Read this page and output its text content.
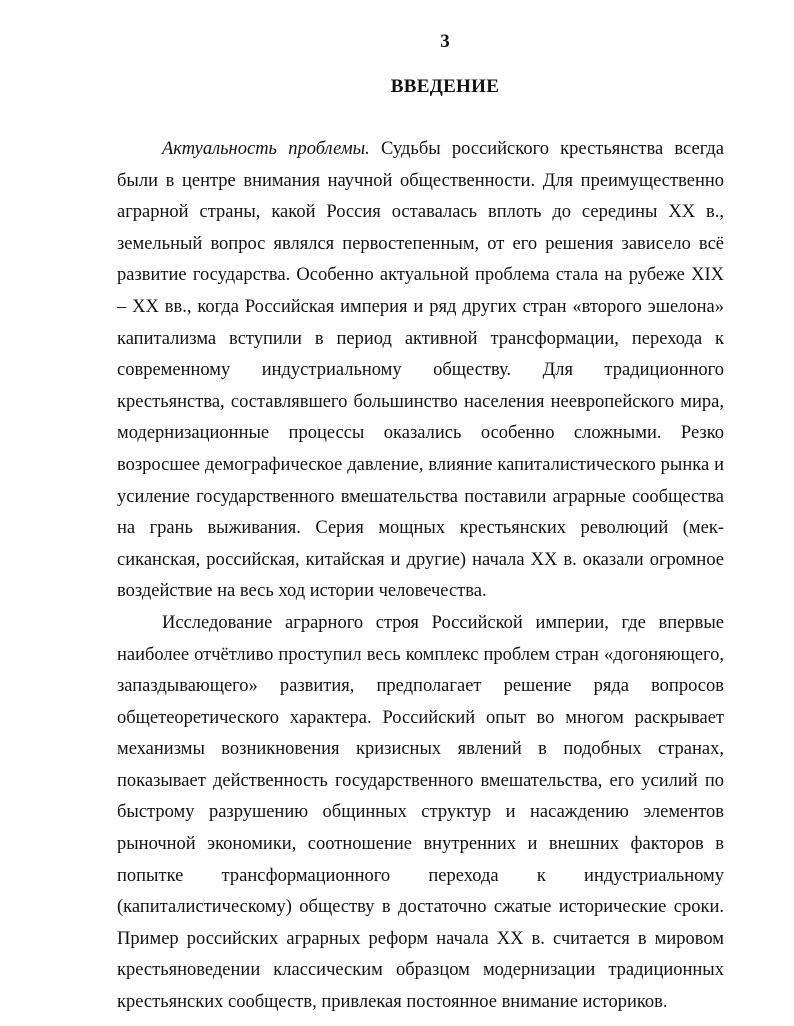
3
ВВЕДЕНИЕ

Актуальность проблемы. Судьбы российского крестьянства всегда были в центре внимания научной общественности. Для преимущественно аграрной страны, какой Россия оставалась вплоть до середины XX в., земельный вопрос являлся первостепенным, от его решения зависело всё развитие государства. Особенно актуальной проблема стала на рубеже XIX – XX вв., когда Российская империя и ряд других стран «второго эшелона» капитализма вступили в период активной трансформации, перехода к современному индустриальному обществу. Для традиционного крестьянства, составлявшего большинство населения неевропейского мира, модернизационные процессы оказались особенно сложными. Резко возросшее демографическое давление, влияние капиталистического рынка и усиление государственного вмешательства поставили аграрные сообщества на грань выживания. Серия мощных крестьянских революций (мексиканская, российская, китайская и другие) начала XX в. оказали огромное воздействие на весь ход истории человечества.

Исследование аграрного строя Российской империи, где впервые наиболее отчётливо проступил весь комплекс проблем стран «догоняющего, запаздывающего» развития, предполагает решение ряда вопросов общетеоретического характера. Российский опыт во многом раскрывает механизмы возникновения кризисных явлений в подобных странах, показывает действенность государственного вмешательства, его усилий по быстрому разрушению общинных структур и насаждению элементов рыночной экономики, соотношение внутренних и внешних факторов в попытке трансформационного перехода к индустриальному (капиталистическому) обществу в достаточно сжатые исторические сроки. Пример российских аграрных реформ начала XX в. считается в мировом крестьяноведении классическим образцом модернизации традиционных крестьянских сообществ, привлекая постоянное внимание историков.
